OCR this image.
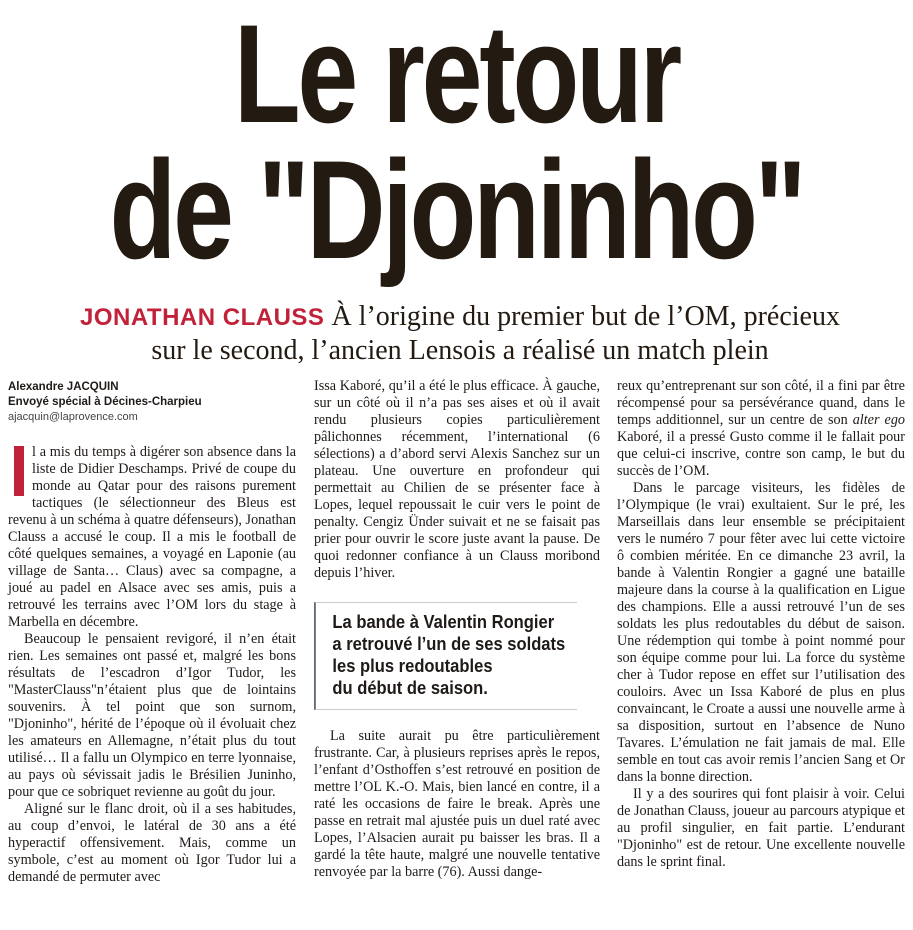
Le retour
de "Djoninho"
JONATHAN CLAUSS À l’origine du premier but de l’OM, précieux sur le second, l’ancien Lensois a réalisé un match plein
Alexandre JACQUIN
Envoyé spécial à Décines-Charpieu
ajacquin@laprovence.com

l a mis du temps à digérer son absence dans la liste de Didier Deschamps. Privé de coupe du monde au Qatar pour des raisons purement tactiques (le sélectionneur des Bleus est revenu à un schéma à quatre défenseurs), Jonathan Clauss a accusé le coup. Il a mis le football de côté quelques semaines, a voyagé en Laponie (au village de Santa… Claus) avec sa compagne, a joué au padel en Alsace avec ses amis, puis a retrouvé les terrains avec l’OM lors du stage à Marbella en décembre.

Beaucoup le pensaient revigoré, il n’en était rien. Les semaines ont passé et, malgré les bons résultats de l’escadron d’Igor Tudor, les "MasterClauss"n’étaient plus que de lointains souvenirs. À tel point que son surnom, "Djoninho", hérité de l’époque où il évoluait chez les amateurs en Allemagne, n’était plus du tout utilisé… Il a fallu un Olympico en terre lyonnaise, au pays où sévissait jadis le Brésilien Juninho, pour que ce sobriquet revienne au goût du jour.

Aligné sur le flanc droit, où il a ses habitudes, au coup d’envoi, le latéral de 30 ans a été hyperactif offensivement. Mais, comme un symbole, c’est au moment où Igor Tudor lui a demandé de permuter avec

Issa Kaboré, qu’il a été le plus efficace. À gauche, sur un côté où il n’a pas ses aises et où il avait rendu plusieurs copies particulièrement pâlichonnes récemment, l’international (6 sélections) a d’abord servi Alexis Sanchez sur un plateau. Une ouverture en profondeur qui permettait au Chilien de se présenter face à Lopes, lequel repoussait le cuir vers le point de penalty. Cengiz Ünder suivait et ne se faisait pas prier pour ouvrir le score juste avant la pause. De quoi redonner confiance à un Clauss moribond depuis l’hiver.

La bande à Valentin Rongier
a retrouvé l’un de ses soldats
les plus redoutables
du début de saison.

La suite aurait pu être particulièrement frustrante. Car, à plusieurs reprises après le repos, l’enfant d’Osthoffen s’est retrouvé en position de mettre l’OL K.-O. Mais, bien lancé en contre, il a raté les occasions de faire le break. Après une passe en retrait mal ajustée puis un duel raté avec Lopes, l’Alsacien aurait pu baisser les bras. Il a gardé la tête haute, malgré une nouvelle tentative renvoyée par la barre (76). Aussi dange-

reux qu’entreprenant sur son côté, il a fini par être récompensé pour sa persévérance quand, dans le temps additionnel, sur un centre de son alter ego Kaboré, il a pressé Gusto comme il le fallait pour que celui-ci inscrive, contre son camp, le but du succès de l’OM.

Dans le parcage visiteurs, les fidèles de l’Olympique (le vrai) exultaient. Sur le pré, les Marseillais dans leur ensemble se précipitaient vers le numéro 7 pour fêter avec lui cette victoire ô combien méritée. En ce dimanche 23 avril, la bande à Valentin Rongier a gagné une bataille majeure dans la course à la qualification en Ligue des champions. Elle a aussi retrouvé l’un de ses soldats les plus redoutables du début de saison. Une rédemption qui tombe à point nommé pour son équipe comme pour lui. La force du système cher à Tudor repose en effet sur l’utilisation des couloirs. Avec un Issa Kaboré de plus en plus convaincant, le Croate a aussi une nouvelle arme à sa disposition, surtout en l’absence de Nuno Tavares. L’émulation ne fait jamais de mal. Elle semble en tout cas avoir remis l’ancien Sang et Or dans la bonne direction.

Il y a des sourires qui font plaisir à voir. Celui de Jonathan Clauss, joueur au parcours atypique et au profil singulier, en fait partie. L’endurant "Djoninho" est de retour. Une excellente nouvelle dans le sprint final.
